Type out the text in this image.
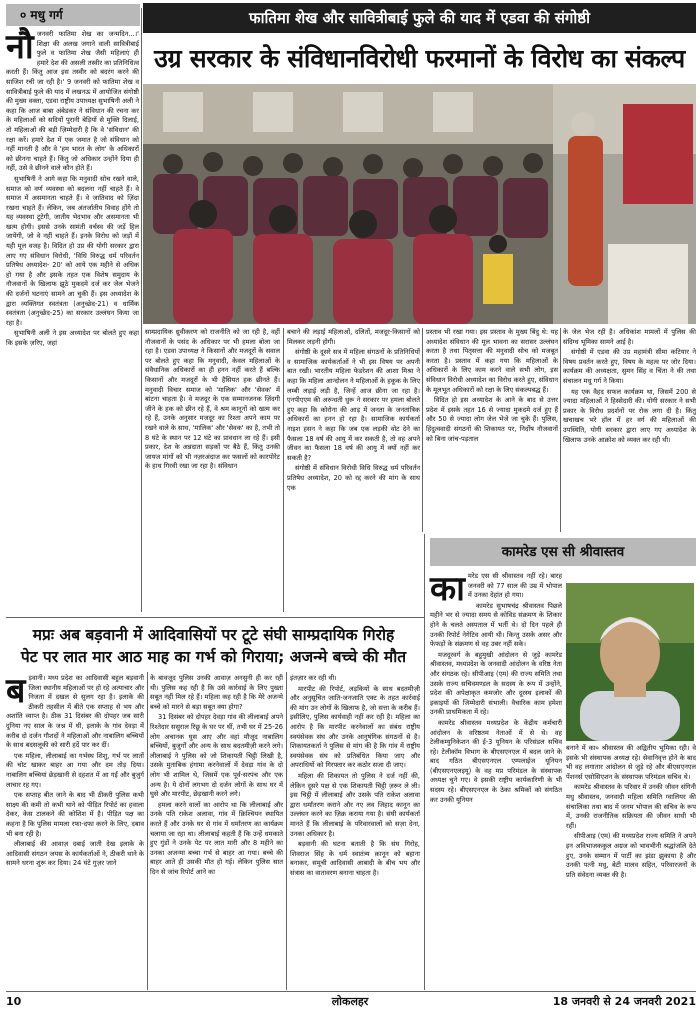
० मधु गर्ग	फातिमा शेख और सावित्रीबाई फुले की याद में एडवा की संगोष्ठी
उग्र सरकार के संविधानविरोधी फरमानों के विरोध का संकल्प
नौ जनवरी फातिमा शेख का जन्मदिन...।' शिक्षा की अलख जगाने वाली सावित्रीबाई फुले व फातिमा शेख जैसी महिलाएं ही हमारे देश की असली तस्वीर का प्रतिनिधित्व करती हैं। किंतु आज इस तस्वीर को बदरंग करने की साजिश रची जा रही है।' 9 जनवरी को फातिमा शेख व सावित्रीबाई फुले की याद में लखनऊ में आयोजित संगोष्ठी की मुख्य वक्ता, एडवा राष्ट्रीय उपाध्यक्ष सुभाषिनी अली ने कहा कि आज बाबा अंबेडकर ने संविधान की रचना कर के महिलाओं को सदियों पुरानी बेड़ियों से मुक्ति दिलाई, तो महिलाओं की बड़ी ज़िम्मेदारी है कि वे 'संविधान' की रक्षा करें। हमारे देश में एक जमात है जो संविधान को नहीं मानती है और वे 'हम भारत के लोग' के अधिकारों को छीनना चाहते हैं। किंतु जो अधिकार उन्होंने दिया ही नहीं, उसे वे छीनने वाले कौन होते हैं।

सुभाषिनी ने आगे कहा कि मनुवादी सोच रखने वाले, समाज को वर्ण व्यवस्था को बदलना नहीं चाहते हैं। वे समाज में असमानता चाहते हैं। वे जातिवाद को ज़िंदा रखना चाहते हैं। लेकिन, जब अंतर्जातीय विवाह होंगे तो यह व्यवस्था टूटेगी, जातीय भेदभाव और असमानता भी खत्म होगी। इससे उनके सामंती वर्चस्व की जड़ें हिल जायेंगी, जो वे नहीं चाहते हैं। इनके विरोध को जड़ों में यही मूल वजह है। विदित हो उप्र की योगी सरकार द्वारा लाए गए संविधान विरोधी, 'विधि विरुद्ध धर्म परिवर्तन प्रतिषेध अध्यादेश- 20' को आये एक महीने से अधिक हो गया है और इसके तहत एक विशेष समुदाय के नौजवानों के खिलाफ झूठे मुकदमे दर्ज कर जेल भेजने की दर्जनों घटनाएं सामने आ चुकी हैं। इस अध्यादेश के द्वारा व्यक्तिगत स्वतंत्रता (अनुच्छेद-21) व धार्मिक स्वतंत्रता (अनुच्छेद-25) का सरकार उल्लंघन किया जा रहा है।

सुभाषिनी अली ने इस अध्यादेश पर बोलते हुए कहा कि इसके ज़रिए, जहां

साम्प्रदायिक ध्रुवीकरण को राजनीति को जा रही है, वहीं नौजवानों के पसंद के अधिकार पर भी हमला बोला जा रहा है। एडवा उपाध्यक्ष ने किसानों और मजदूरों के सवाल पर बोलते हुए कहा कि मनुवादी, केवल महिलाओं के संवैधानिक अधिकारों का ही हनन नहीं करते हैं बल्कि किसानों और मजदूरों के भी हैसियत हक छीनते हैं। मनुवादी विचार समाज को 'मालिक' और 'सेवक' में बांटना चाहता है। वे मजदूर के एक सम्मानजनक ज़िंदगी जीने के हक को छीन रहे हैं, वे श्रम कानूनों को खत्म कर रहे हैं, उनके अनुसार मजदूर का रिश्ता अपने काम पर रखने वाले के साथ, 'मालिक' और 'सेवक' का है, तभी तो 8 घंटे के स्थान पर 12 घंटे का प्रावधान ला रहे हैं। इसी प्रकार, देश के अन्नदाता सड़कों पर बैठे हैं, किंतु उनकी जायज मांगों को भी नज़रअंदाज कर फसलों को कारपोरेट के हाथ गिरवी रखा जा रहा है। संविधान

बचाने की लड़ाई महिलाओं, दलितों, मजदूर-किसानों को मिलकर लड़नी होगी।

संगोष्ठी के दूसरे सत्र में महिला संगठनों के प्रतिनिधियों व सामाजिक कार्यकर्ताओं ने भी इस विषय पर अपनी बात रखी। भारतीय महिला फेडरेशन की आशा मिश्रा ने कहा कि महिला आन्दोलन ने महिलाओं के हकूक के लिए लम्बी लड़ाई लड़ी है, जिन्हें आज छीना जा रहा है। एनपीएएम की अरुन्धती धुरू ने सरकार पर हमला बोलते हुए कहा कि कोरोना की आड़ में जनता के जनतांत्रिक अधिकारों का हनन हो रहा है। सामाजिक कार्यकर्ता नाइश हसन ने कहा कि जब एक लड़की वोट देने का फैसला 18 वर्ष की आयु में कर सकती है, तो वह अपने जीवन का फैसला 18 वर्ष की आयु में क्यों नहीं कर सकती है?

संगोष्ठी में संविधान विरोधी विधि विरुद्ध धर्म परिवर्तन प्रतिषेध अध्यादेश, 20 को रद्द करने की मांग के साथ एक

प्रस्ताव भी रखा गया। इस प्रस्ताव के मुख्य बिंदु थे: यह अध्यादेश संविधान की मूल भावना का सरासर उल्लंघन करता है तथा पितृसत्ता की मनुवादी सोच को मजबूत करता है। प्रस्ताव में कहा गया कि महिलाओं के अधिकारों के लिए काम करने वाले सभी लोग, इस संविधान विरोधी अध्यादेश का विरोध करते हुए, संविधान के मूलभूत अधिकारों को रक्षा के लिए संकल्पबद्ध हैं।

विदित हो इस अध्यादेश के आने के बाद से उत्तर प्रदेश में इसके तहत 16 से ज्यादा मुकदमे दर्ज हुए हैं और 50 से ज्यादा लोग जेल भेजे जा चुके हैं। पुलिस, हिंदुत्ववादी संगठनों की शिकायत पर, निर्दोष नौजवानों को बिना जांच-पड़ताल

के जेल भेज रही है। अधिकांश मामलों में पुलिस की संदिग्ध भूमिका सामने आई है।

संगोष्ठी में एडवा की उप्र महामंत्री सीमा कटियार ने विषय प्रवर्तन करते हुए, विषय के महत्व पर जोर दिया। कार्यक्रम की अध्यक्षता, सुमन सिंह व चिंता ने की तथा संचालन मधु गर्ग ने किया।

यह एक वैहद सफल कार्यक्रम था, जिसमें 200 से ज्यादा महिलाओं ने हिस्सेदारी की। योगी सरकार ने सभी प्रकार के विरोध प्रदर्शनों पर रोक लगा दी है। किंतु खचाखच भरे हॉल में हर वर्ग की महिलाओं की उपस्थिति, योगी सरकार द्वारा लाए गए अध्यादेश के खिलाफ उनके आक्रोश को व्यक्त कर रही थी।

कामरेड एस सी श्रीवास्तव
का मरेड एस सी श्रीवास्तव नहीं रहे। बारह जनवरी को 77 साल की उम्र में भोपाल में उनका देहांत हो गया।

कामरेड सुभाषचंद्र श्रीवास्तव पिछले महीने भर से ज्यादा समय से कोविड संक्रमण के शिकार होने के चलते अस्पताल में भर्ती थे। दो दिन पहले ही उनकी रिपोर्ट नेगेटिव आयी थी। किन्तु उसके असर और फेफड़ों के संक्रमण से वह उबर नहीं सके।

मजदूरवर्ग के बहुमुखी आंदोलन से जुड़े कामरेड श्रीवास्तव, मध्यप्रदेश के जनवादी आंदोलन के वरिष्ठ नेता और संगठक रहे। सीपीआइ (एम) की राज्य समिति तथा उसके राज्य सचिवमण्डल के सदस्य के रूप में उन्होंने, प्रदेश की अपेक्षाकृत कमजोर और दूरस्थ इलाकों की इकाइयों की जिम्मेदारी संभाली। वैचारिक काम हमेशा उनकी प्राथमिकता में रहे।

कामरेड श्रीवास्तव मध्यप्रदेश के केंद्रीय कर्मचारी आंदोलन के वरिष्ठतम नेताओं में से थे। वह टेलीकम्युनिकेशन की ई-3 यूनियन के परिसंडल सचिव रहे। टेलीकॉम विभाग के बीएसएनएल में बदल जाने के बाद गठित बीएसएनएल एम्पलाईज यूनियन (बीएसएनएलइयू) के वह मप्र परिमंडल के संस्थापक अध्यक्ष चुने गए। वे इसकी राष्ट्रीय कार्यकारिणी के भी सदस्य रहे। बीएसएनएल के ठेका श्रमिकों को संगठित कर उनकी यूनियन

बनाने में का० श्रीवास्तव की अद्वितीय भूमिका रही। वे इसके भी संस्थापक अध्यक्ष रहे। सेवानिवृत्त होने के बाद भी वह लगातार आंदोलन से जुड़े रहे और बीएसएनएल पेंशनर्स एसोसिएशन के संस्थापक परिमंडल सचिव थे।

कामरेड श्रीवास्तव के परिवार में उनकी जीवन संगिनी मधु श्रीवास्तव, जनवादी महिला समिति ग्वालियर की संचालिका तथा बाद में जनम भोपाल की सचिव के रूप में, उनकी राजनीतिक सक्रियता की जीवन साथी भी रहीं।

सीपीआइ (एम) की मध्यप्रदेश राज्य समिति ने अपने इन अविभाजककुल अग्रज को भावभीनी श्रद्धांजलि देते हुए, उनके सम्मान में पार्टी का झंडा झुकाया है और उनकी पत्नी मधु, बेटी मालव सहित, परिवारजनों के प्रति संवेदना व्यक्त की है।

मप्रः अब बड़वानी में आदिवासियों पर टूटे संघी साम्प्रदायिक गिरोह
पेट पर लात मार आठ माह का गर्भ को गिराया; अजन्मे बच्चे की मौत
ब ड़वानी। मध्य प्रदेश का आदिवासी बहुल बड़वानी जिला स्थानीय महिलाओं पर हो रहे अत्याचार और निजता में दखल से सुलग रहा है। इलाके की ठीकरी तहसील में बीते एक सप्ताह से भय और अशांति व्याप्त है। ठीक 31 दिसंबर की दोपहर जब सारी दुनिया नए साल के जश्न में थी, इलाके के गांव देवड़ा में करीब दो दर्जन गौशदों ने महिलाओं और नाबालिग बच्चियों के साथ बदसलूकी को सारी हदें पार कर दीं।

एक महिला, लीलाबाई का गर्भस्थ शिशु, गर्भ पर लातों की चोट खाकर बाहर आ गया और दम तोड़ दिया। नाबालिग बच्चियां छेड़खानी से दहशत में आ गईं और बुजुर्ग लाचार रह गए।

एक सप्ताह बीत जाने के बाद भी ठीकरी पुलिस कभी साक्ष्य की कमी तो कभी थाने को पीड़ित रिपोर्ट का हवाला देकर, केस टालकने की कोशिश में है। पीड़ित पक्ष का कहना है कि पुलिस मामला रफा-दफा करने के लिए, दबाव भी बना रही है।

लीलाबाई की आवाज़ दबाई जाती देख इलाके के आदिवासी संगठन जयस के कार्यकर्ताओं ने, ठीकरी थाने के सामने धरना शुरू कर दिया। 24 घंटे गुज़र जाने

के बावजूद पुलिस उनकी आवाज़ अनसुनी ही कर रही थी। पुलिस कह रही है कि उसे कार्रवाई के लिए पुख्ता सबूत नहीं मिल रहे हैं। महिला कह रही है कि मेरे अजन्मे बच्चे को मारने से बड़ा सबूत क्या होगा?

31 दिसंबर को दोपहर देवड़ा गांव की लीलाबाई अपने रिश्तेदार ससुराल रिछू के घर पर थीं, तभी घर में 25-26 लोग अचानक घुस आए और वहां मौजूद नाबालिग बच्चियों, बुजुर्गों और अन्य के साथ बदतमीज़ी करने लगे। लीलाबाई ने पुलिस को जो शिकायती चिट्ठी लिखी है, उसके मुताबिक हंगामा करनेवालों में देवड़ा गांव के दो लोग भी शामिल थे, जिसमें एक पूर्व-सरपंच और एक अन्य है। ये दोनों लगभग दो दर्जन लोगों के साथ घर में घुसे और मारपीट, छेड़खानी करने लगे।

हमला करने वालों का आरोप था कि लीलाबाई और उनके पति राकेश अलावा, गांव में क्रिश्चियन स्थापित करते हैं और उनके घर से गांव में धर्मांतरण का कार्यक्रम चलाया जा रहा था। लीलाबाई कहती हैं कि उन्हें धमकाते हुए गुंडों ने उनके पेट पर लात मारी और 8 महीने का उनका अजन्मा बच्चा गर्भ से बाहर आ गया। बच्चे की बाहर आते ही उसकी मौत हो गई। लेकिन पुलिस सात दिन से जांच रिपोर्ट आने का

इंतज़ार कर रही थी।

मारपीट की रिपोर्ट, लड़कियों के साथ बदतमीज़ी और अनुसूचित जाति-जनजाति एक्ट के तहत कार्रवाई की मांग उन लोगों के खिलाफ है, जो सत्ता के करीब हैं। इसीलिए, पुलिस कार्यवाही नहीं कर रही है। महिला का आरोप है कि मारपीट करनेवालों का संबंध राष्ट्रीय स्वयंसेवक संघ और उनके आनुषंगिक संगठनों से है। शिकायतकर्ता ने पुलिस से मांग की है कि गांव में राष्ट्रीय स्वयंसेवक संघ को प्रतिबंधित किया जाए और अपराधियों को गिरफ्तार कर कठोर सजा दी जाए।

महिला की शिकायत तो पुलिस ने दर्ज नहीं की, लेकिन दूसरे पक्ष से एक शिकायती चिट्ठी ज़रूर ले ली। इस चिट्ठी में लीलाबाई और उसके पति राकेश अलावा द्वारा धर्मांतरण कराने और नए लव जिहाद कानून का उल्लंघन करने का ज़िक्र कराया गया है। संघी कार्यकर्ता मानते हैं कि लीलाबाई के परिवारवालों को सज़ा देना, उनका अधिकार है।

बड़वानी की घटना बताती है कि संघ गिरोह, शिवराज सिंह के धर्म स्वातंत्र्य क़ानून को बहाना बनाकर, समूची आदिवासी आबादी के बीच भय और संत्रास का वातावरण बनाना चाहता है।

10	लोकलहर	18 जनवरी से 24 जनवरी 2021
